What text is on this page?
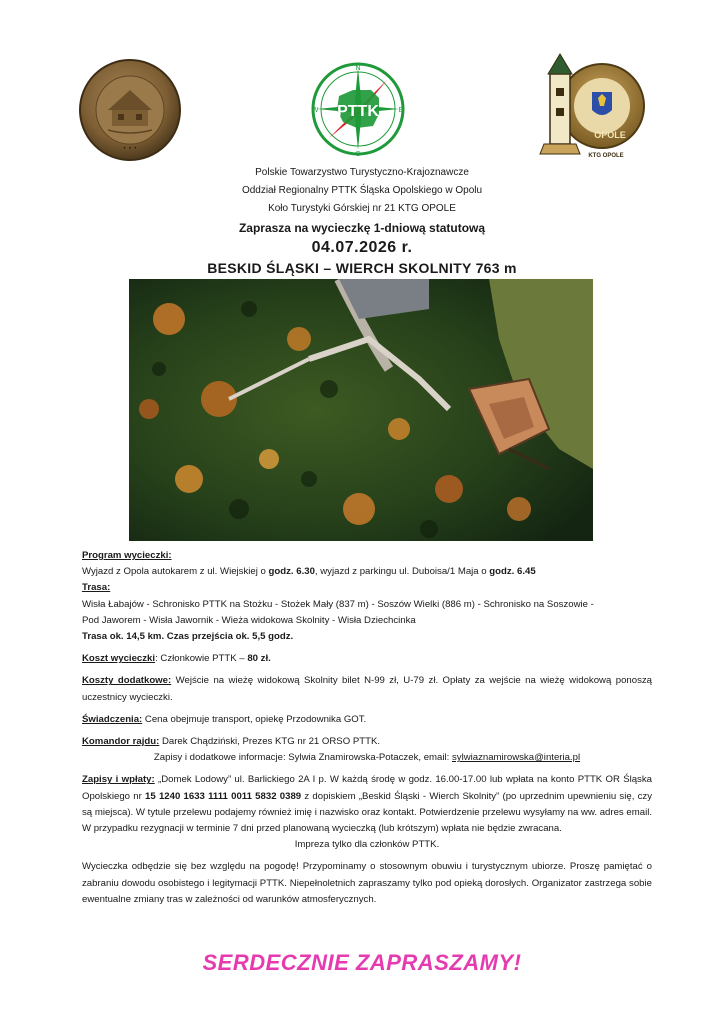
• • •
PTTK
N
E
S
W
OPOLE
KTG OPOLE
Polskie Towarzystwo Turystyczno-Krajoznawcze
Oddział Regionalny PTTK Śląska Opolskiego w Opolu
Koło Turystyki Górskiej nr 21 KTG OPOLE
Zaprasza na wycieczkę 1-dniową statutową
04.07.2026 r.
BESKID ŚLĄSKI – WIERCH SKOLNITY 763 m

Program wycieczki:

Wyjazd z Opola autokarem z ul. Wiejskiej o godz. 6.30, wyjazd z parkingu ul. Duboisa/1 Maja o godz. 6.45

Trasa:

Wisła Łabajów - Schronisko PTTK na Stożku - Stożek Mały (837 m) - Soszów Wielki (886 m) - Schronisko na Soszowie -

Pod Jaworem - Wisła Jawornik - Wieża widokowa Skolnity - Wisła Dziechcinka

Trasa ok. 14,5 km. Czas przejścia ok. 5,5 godz.

Koszt wycieczki: Członkowie PTTK – 80 zł.

Koszty dodatkowe: Wejście na wieżę widokową Skolnity bilet N-99 zł, U-79 zł. Opłaty za wejście na wieżę widokową ponoszą uczestnicy wycieczki.

Świadczenia: Cena obejmuje transport, opiekę Przodownika GOT.

Komandor rajdu: Darek Chądziński, Prezes KTG nr 21 ORSO PTTK.

Zapisy i dodatkowe informacje: Sylwia Znamirowska-Potaczek, email: sylwiaznamirowska@interia.pl

Zapisy i wpłaty: „Domek Lodowy” ul. Barlickiego 2A I p. W każdą środę w godz. 16.00-17.00 lub wpłata na konto PTTK OR Śląska Opolskiego nr 15 1240 1633 1111 0011 5832 0389 z dopiskiem „Beskid Śląski - Wierch Skolnity” (po uprzednim upewnieniu się, czy są miejsca). W tytule przelewu podajemy również imię i nazwisko oraz kontakt. Potwierdzenie przelewu wysyłamy na ww. adres email. W przypadku rezygnacji w terminie 7 dni przed planowaną wycieczką (lub krótszym) wpłata nie będzie zwracana.

Impreza tylko dla członków PTTK.

Wycieczka odbędzie się bez względu na pogodę! Przypominamy o stosownym obuwiu i turystycznym ubiorze. Proszę pamiętać o zabraniu dowodu osobistego i legitymacji PTTK. Niepełnoletnich zapraszamy tylko pod opieką dorosłych. Organizator zastrzega sobie ewentualne zmiany tras w zależności od warunków atmosferycznych.

SERDECZNIE ZAPRASZAMY!
